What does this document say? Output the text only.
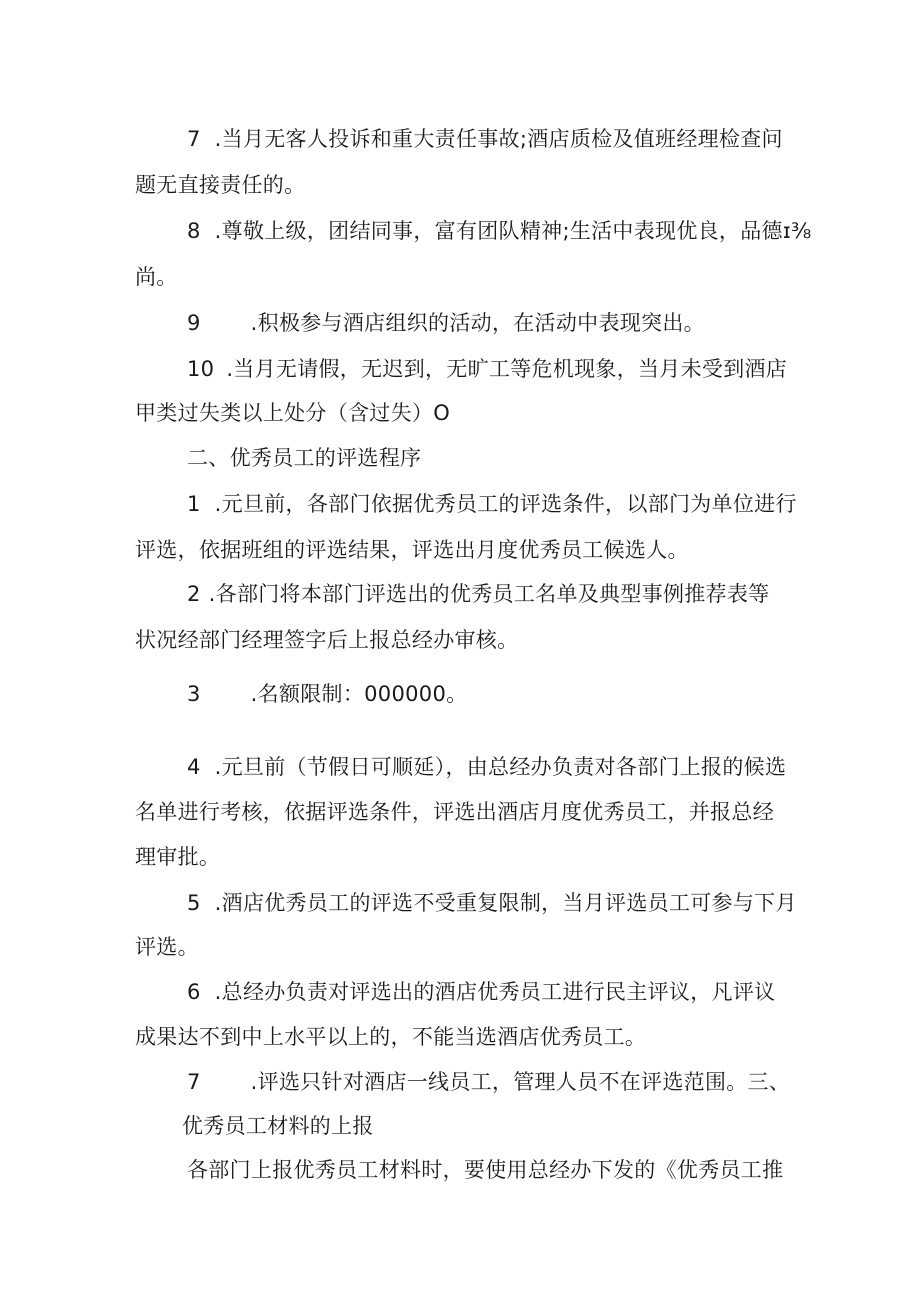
7 .当月无客人投诉和重大责任事故;酒店质检及值班经理检查问
题无直接责任的。
8 .尊敬上级，团结同事，富有团队精神;生活中表现优良，品德ɪ⅜
尚。
9 .积极参与酒店组织的活动，在活动中表现突出。
10 .当月无请假，无迟到，无旷工等危机现象，当月未受到酒店
甲类过失类以上处分（含过失）O
二、优秀员工的评选程序
1 .元旦前，各部门依据优秀员工的评选条件，以部门为单位进行
评选，依据班组的评选结果，评选出月度优秀员工候选人。
2 .各部门将本部门评选出的优秀员工名单及典型事例推荐表等
状况经部门经理签字后上报总经办审核。
3 .名额限制：000000。
4 .元旦前（节假日可顺延），由总经办负责对各部门上报的候选
名单进行考核，依据评选条件，评选出酒店月度优秀员工，并报总经
理审批。
5 .酒店优秀员工的评选不受重复限制，当月评选员工可参与下月
评选。
6 .总经办负责对评选出的酒店优秀员工进行民主评议，凡评议
成果达不到中上水平以上的，不能当选酒店优秀员工。
7 .评选只针对酒店一线员工，管理人员不在评选范围。三、
优秀员工材料的上报
各部门上报优秀员工材料时，要使用总经办下发的《优秀员工推
